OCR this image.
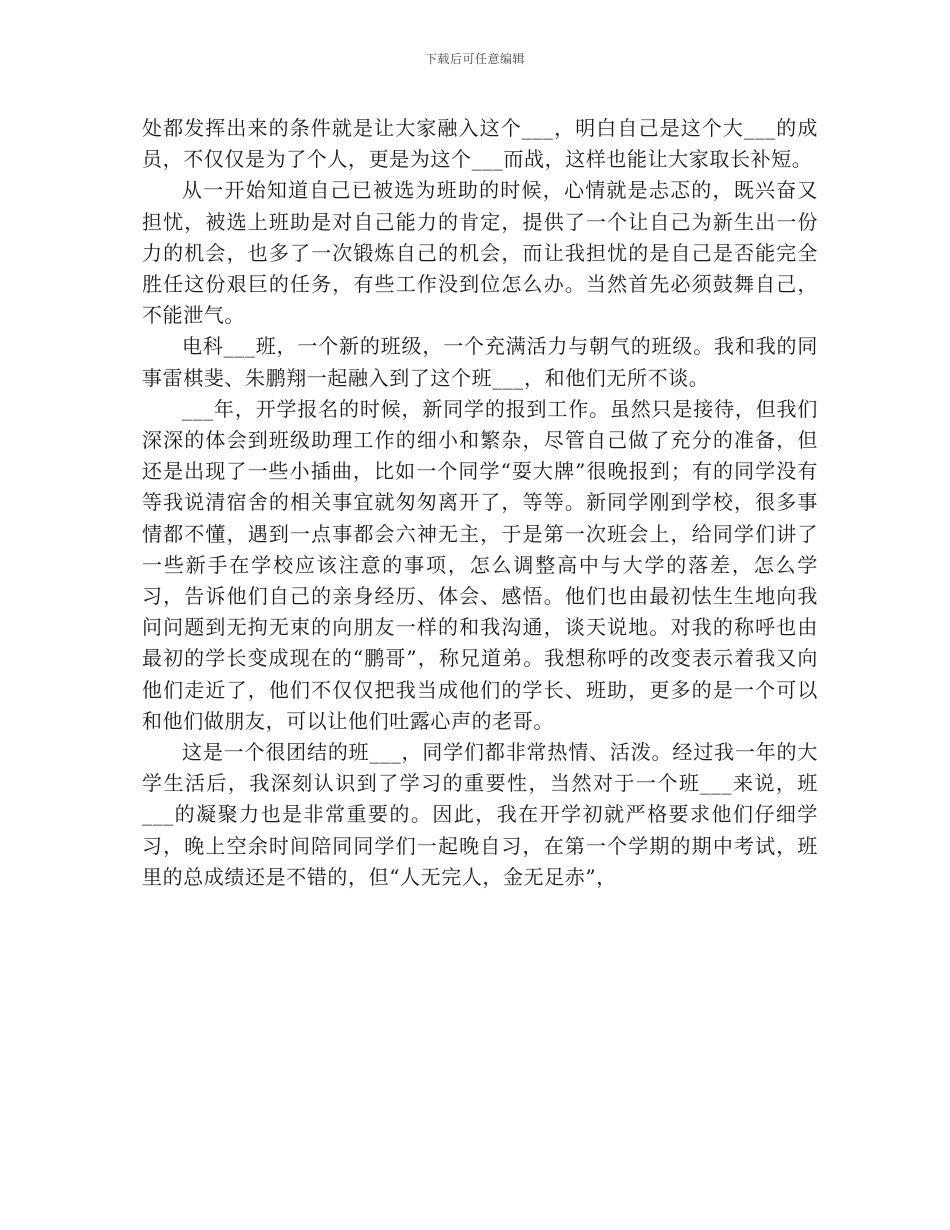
下载后可任意编辑

处都发挥出来的条件就是让大家融入这个___，明白自己是这个大___的成员，不仅仅是为了个人，更是为这个___而战，这样也能让大家取长补短。

从一开始知道自己已被选为班助的时候，心情就是忐忑的，既兴奋又担忧，被选上班助是对自己能力的肯定，提供了一个让自己为新生出一份力的机会，也多了一次锻炼自己的机会，而让我担忧的是自己是否能完全胜任这份艰巨的任务，有些工作没到位怎么办。当然首先必须鼓舞自己，不能泄气。

电科___班，一个新的班级，一个充满活力与朝气的班级。我和我的同事雷棋斐、朱鹏翔一起融入到了这个班___，和他们无所不谈。

___年，开学报名的时候，新同学的报到工作。虽然只是接待，但我们深深的体会到班级助理工作的细小和繁杂，尽管自己做了充分的准备，但还是出现了一些小插曲，比如一个同学“耍大牌”很晚报到；有的同学没有等我说清宿舍的相关事宜就匆匆离开了，等等。新同学刚到学校，很多事情都不懂，遇到一点事都会六神无主，于是第一次班会上，给同学们讲了一些新手在学校应该注意的事项，怎么调整高中与大学的落差，怎么学习，告诉他们自己的亲身经历、体会、感悟。他们也由最初怯生生地向我问问题到无拘无束的向朋友一样的和我沟通，谈天说地。对我的称呼也由最初的学长变成现在的“鹏哥”，称兄道弟。我想称呼的改变表示着我又向他们走近了，他们不仅仅把我当成他们的学长、班助，更多的是一个可以和他们做朋友，可以让他们吐露心声的老哥。

这是一个很团结的班___，同学们都非常热情、活泼。经过我一年的大学生活后，我深刻认识到了学习的重要性，当然对于一个班___来说，班___的凝聚力也是非常重要的。因此，我在开学初就严格要求他们仔细学习，晚上空余时间陪同同学们一起晚自习，在第一个学期的期中考试，班里的总成绩还是不错的，但“人无完人，金无足赤”，
